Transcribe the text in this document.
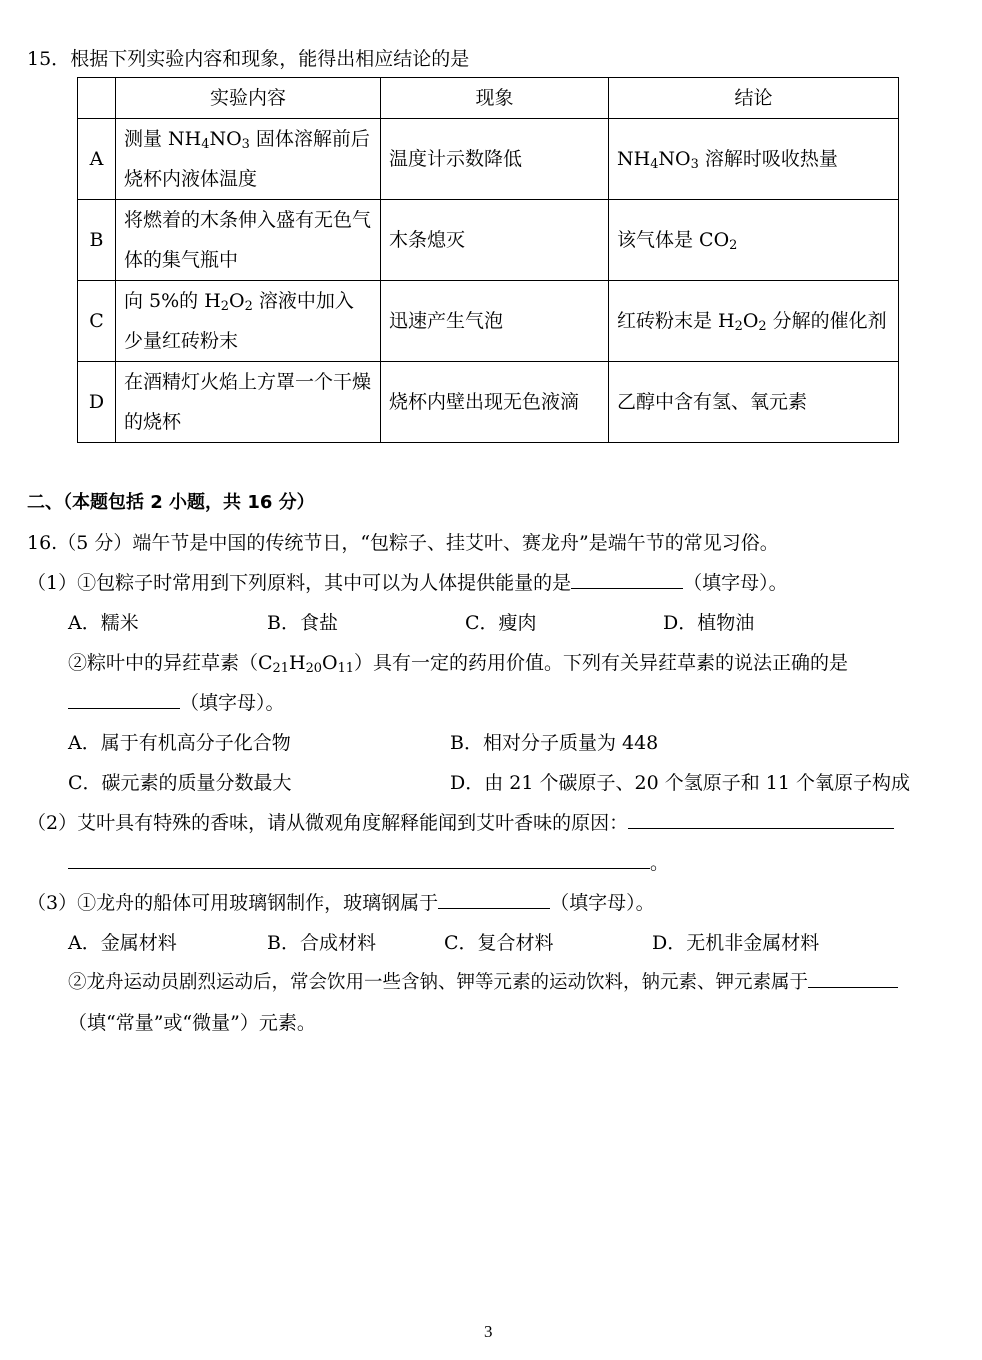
15．根据下列实验内容和现象，能得出相应结论的是
	实验内容	现象	结论
A	测量 $NH_4NO_3$ 固体溶解前后烧杯内液体温度	温度计示数降低	$NH_4NO_3$ 溶解时吸收热量
B	将燃着的木条伸入盛有无色气体的集气瓶中	木条熄灭	该气体是 $CO_2$
C	向 5%的 $H_2O_2$ 溶液中加入少量红砖粉末	迅速产生气泡	红砖粉末是 $H_2O_2$ 分解的催化剂
D	在酒精灯火焰上方罩一个干燥的烧杯	烧杯内壁出现无色液滴	乙醇中含有氢、氧元素
二、（本题包括 2 小题，共 16 分）
16.（5 分）端午节是中国的传统节日，“包粽子、挂艾叶、赛龙舟”是端午节的常见习俗。
（1）①包粽子时常用到下列原料，其中可以为人体提供能量的是	（填字母）。
A．糯米	B．食盐	C．瘦肉	D．植物油
②粽叶中的异荭草素$(C_{21}H_{20}O_{11})$具有一定的药用价值。下列有关异荭草素的说法正确的是
（填字母）。
A．属于有机高分子化合物	B．相对分子质量为 448
C．碳元素的质量分数最大	D．由 21 个碳原子、20 个氢原子和 11 个氧原子构成
（2）艾叶具有特殊的香味，请从微观角度解释能闻到艾叶香味的原因：
。
（3）①龙舟的船体可用玻璃钢制作，玻璃钢属于	（填字母）。
A．金属材料	B．合成材料	C．复合材料	D．无机非金属材料
②龙舟运动员剧烈运动后，常会饮用一些含钠、钾等元素的运动饮料，钠元素、钾元素属于
（填“常量”或“微量”）元素。
3
